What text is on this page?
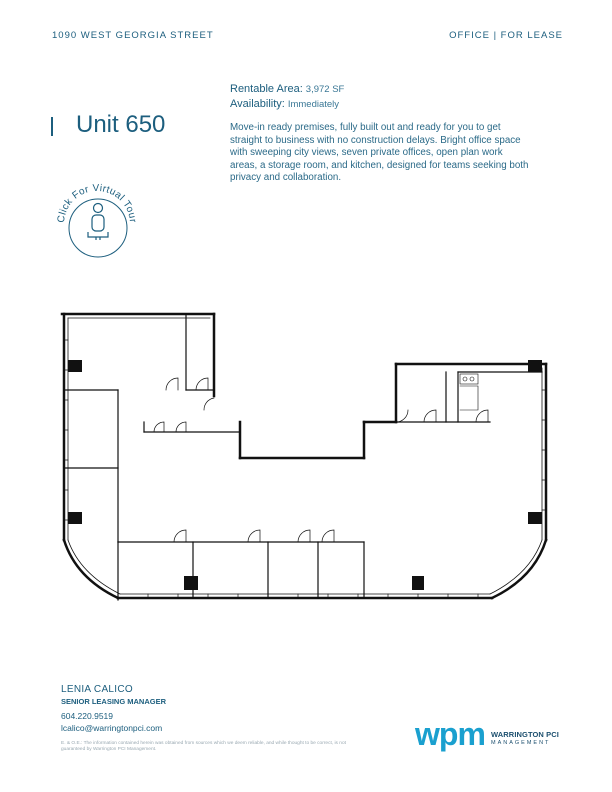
1090 WEST GEORGIA STREET	OFFICE | FOR LEASE
Unit 650
Rentable Area: 3,972 SF
Availability: Immediately
Move-in ready premises, fully built out and ready for you to get straight to business with no construction delays. Bright office space with sweeping city views, seven private offices, open plan work areas, a storage room, and kitchen, designed for teams seeking both privacy and collaboration.
Click For Virtual Tour
LENIA CALICO
SENIOR LEASING MANAGER
604.220.9519
lcalico@warringtonpci.com
E. & O.E.: The information contained herein was obtained from sources which we deem reliable, and while thought to be correct, is not guaranteed by Warrington PCI Management.	wpm WARRINGTON PCI
MANAGEMENT
